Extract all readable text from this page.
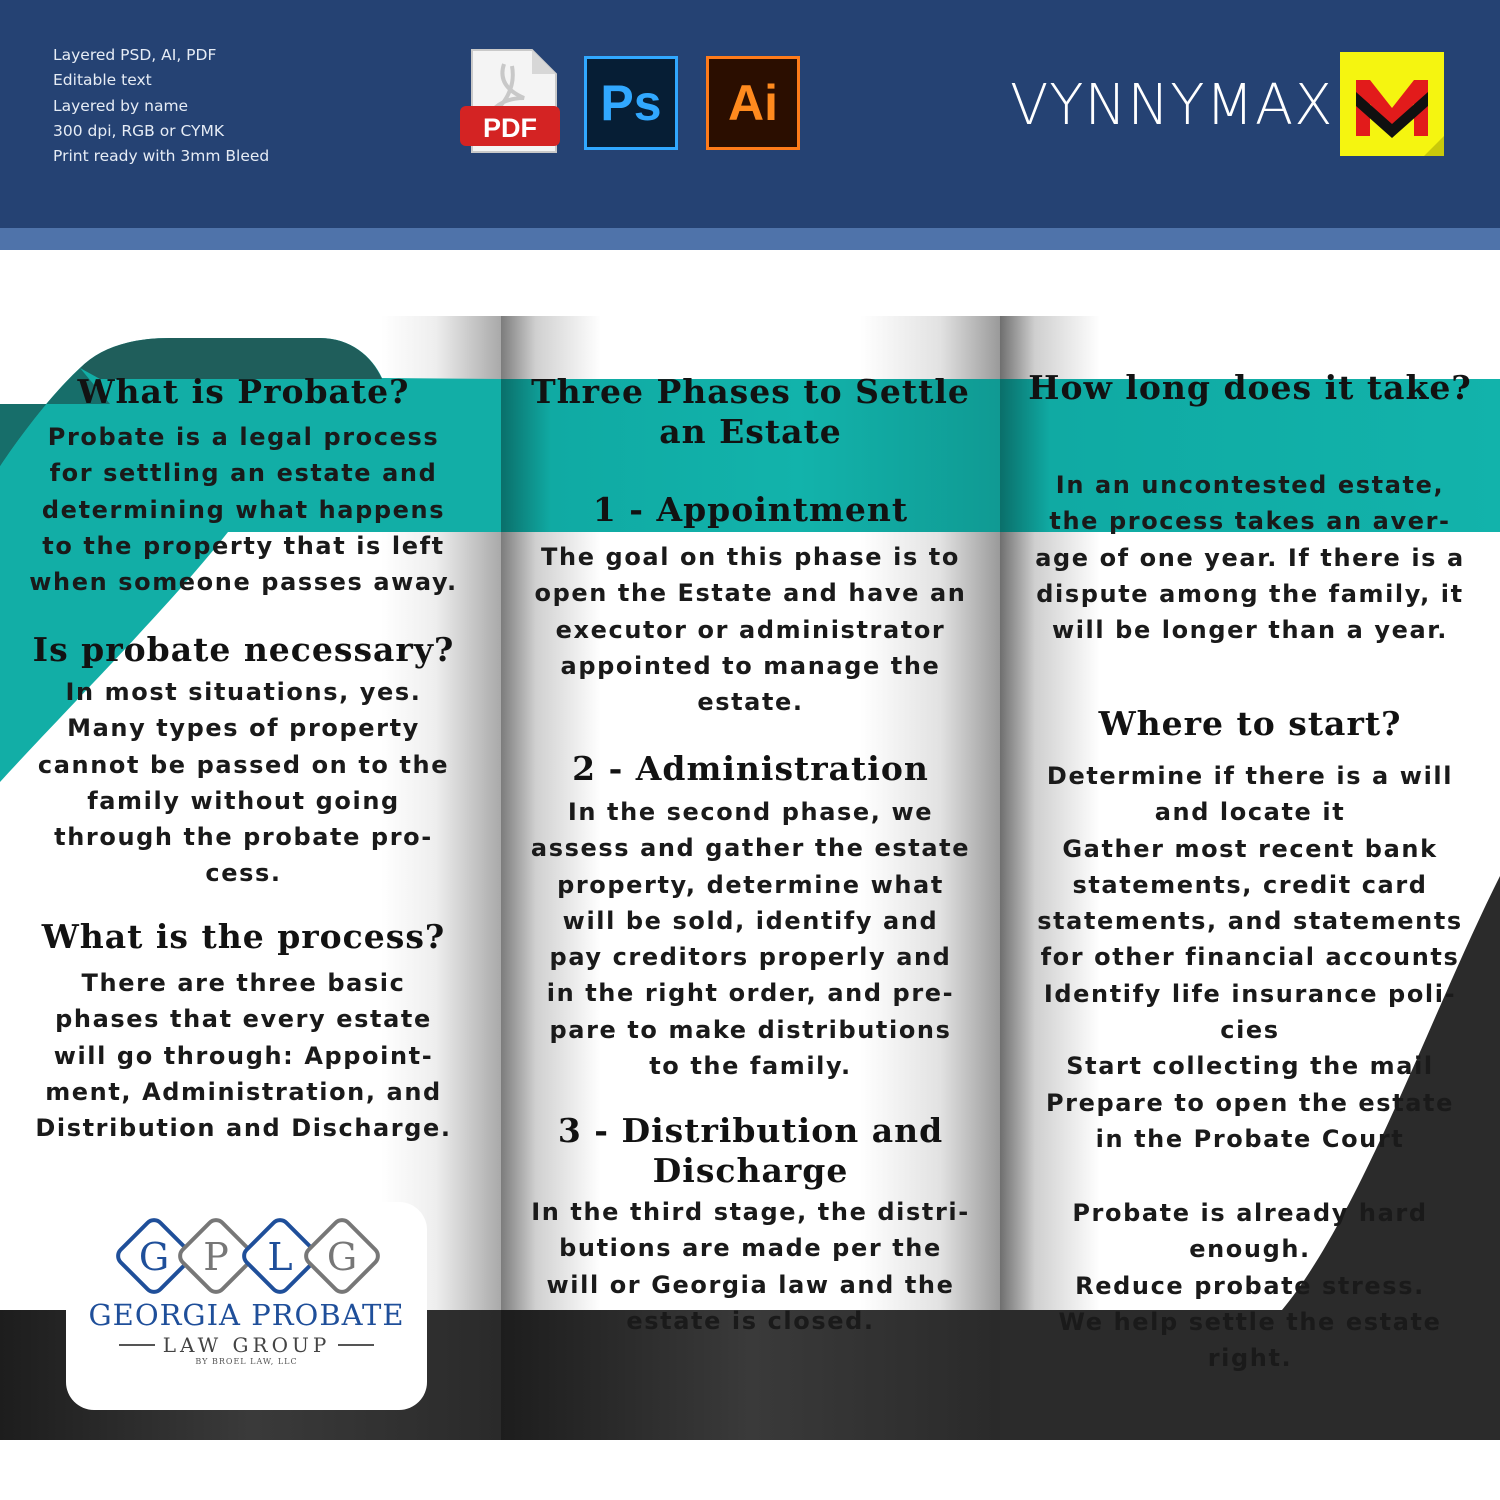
Layered PSD, AI, PDF
Editable text
Layered by name
300 dpi, RGB or CYMK
Print ready with 3mm Bleed
PDF	Ps	Ai	VYNNYMAX
What is Probate?

Probate is a legal process
for settling an estate and
determining what happens
to the property that is left
when someone passes away.

Is probate necessary?

In most situations, yes.
Many types of property
cannot be passed on to the
family without going
through the probate pro-
cess.

What is the process?

There are three basic
phases that every estate
will go through: Appoint-
ment, Administration, and
Distribution and Discharge.

G P L G
GEORGIA PROBATE
LAW GROUP
BY BROEL LAW, LLC
Three Phases to Settle
an Estate
1 - Appointment

The goal on this phase is to
open the Estate and have an
executor or administrator
appointed to manage the
estate.

2 - Administration

In the second phase, we
assess and gather the estate
property, determine what
will be sold, identify and
pay creditors properly and
in the right order, and pre-
pare to make distributions
to the family.

3 - Distribution and
Discharge

In the third stage, the distri-
butions are made per the
will or Georgia law and the
estate is closed.

How long does it take?

In an uncontested estate,
the process takes an aver-
age of one year. If there is a
dispute among the family, it
will be longer than a year.

Where to start?

Determine if there is a will
and locate it
Gather most recent bank
statements, credit card
statements, and statements
for other financial accounts
Identify life insurance poli-
cies
Start collecting the mail
Prepare to open the estate
in the Probate Court

Probate is already hard
enough.
Reduce probate stress.
We help settle the estate
right.
